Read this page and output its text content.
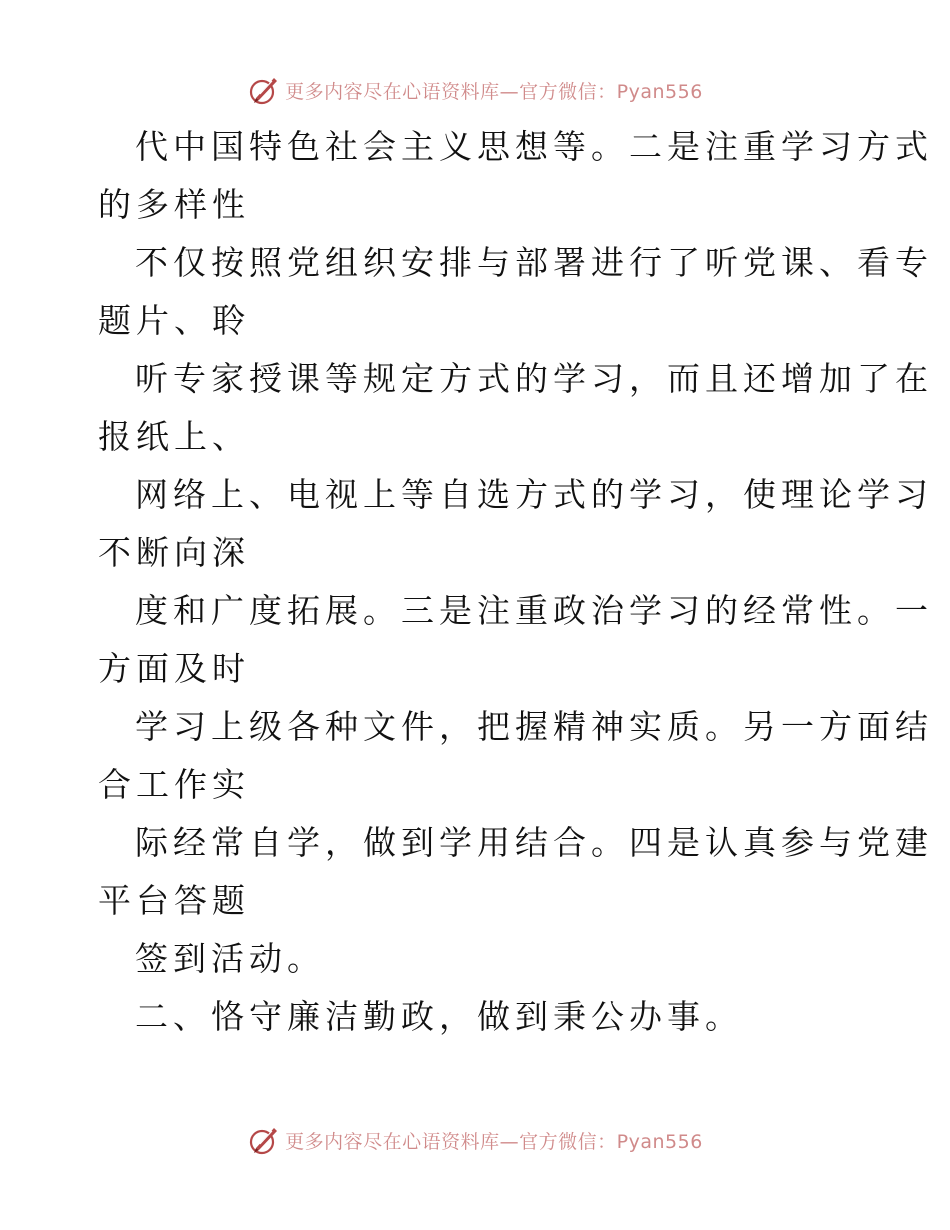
更多内容尽在心语资料库—官方微信：Pyan556

代中国特色社会主义思想等。二是注重学习方式

的多样性

不仅按照党组织安排与部署进行了听党课、看专

题片、聆

听专家授课等规定方式的学习，而且还增加了在

报纸上、

网络上、电视上等自选方式的学习，使理论学习

不断向深

度和广度拓展。三是注重政治学习的经常性。一

方面及时

学习上级各种文件，把握精神实质。另一方面结

合工作实

际经常自学，做到学用结合。四是认真参与党建

平台答题

签到活动。

二、恪守廉洁勤政，做到秉公办事。

更多内容尽在心语资料库—官方微信：Pyan556
